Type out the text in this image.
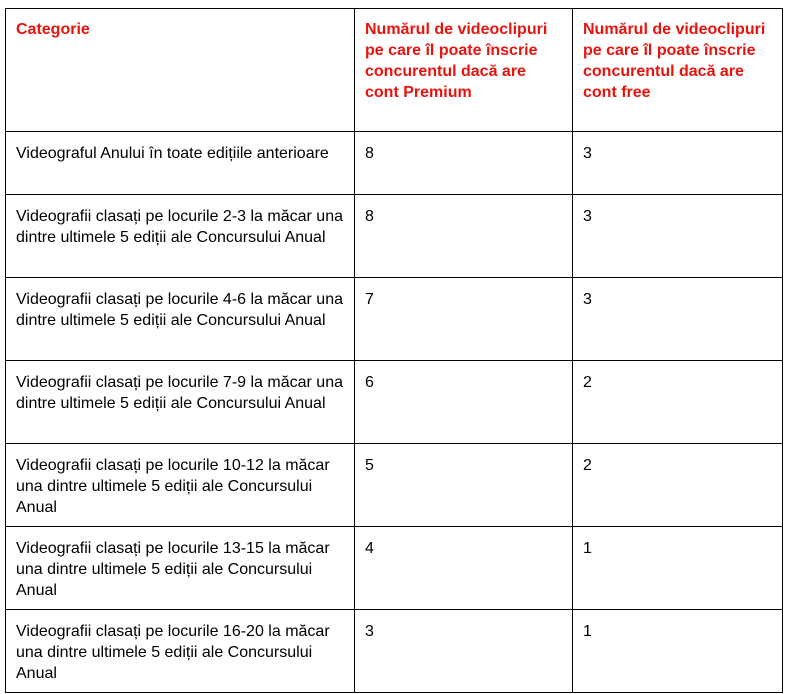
Categorie	Numărul de videoclipuri pe care îl poate înscrie concurentul dacă are cont Premium	Numărul de videoclipuri pe care îl poate înscrie concurentul dacă are cont free
Videograful Anului în toate edițiile anterioare	8	3
Videografii clasați pe locurile 2-3 la măcar una dintre ultimele 5 ediții ale Concursului Anual	8	3
Videografii clasați pe locurile 4-6 la măcar una dintre ultimele 5 ediții ale Concursului Anual	7	3
Videografii clasați pe locurile 7-9 la măcar una dintre ultimele 5 ediții ale Concursului Anual	6	2
Videografii clasați pe locurile 10-12 la măcar una dintre ultimele 5 ediții ale Concursului Anual	5	2
Videografii clasați pe locurile 13-15 la măcar una dintre ultimele 5 ediții ale Concursului Anual	4	1
Videografii clasați pe locurile 16-20 la măcar una dintre ultimele 5 ediții ale Concursului Anual	3	1
